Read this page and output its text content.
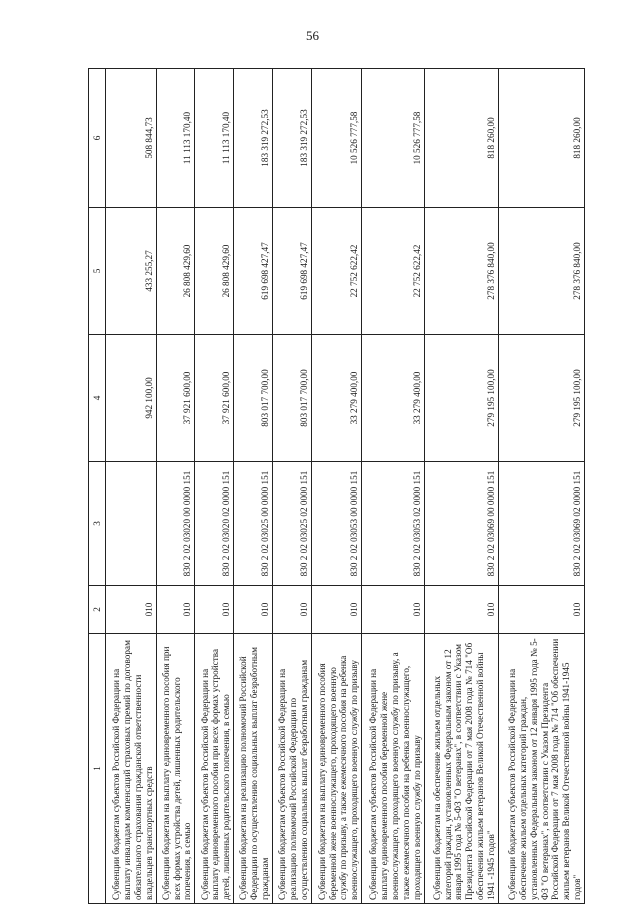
56
1	2	3	4	5	6
Субвенции бюджетам субъектов Российской Федерации на выплату инвалидам компенсаций страховых премий по договорам обязательного страхования гражданской ответственности владельцев транспортных средств	010		942 100,00	433 255,27	508 844,73
Субвенции бюджетам на выплату единовременного пособия при всех формах устройства детей, лишенных родительского попечения, в семью	010	830 2 02 03020 00 0000 151	37 921 600,00	26 808 429,60	11 113 170,40
Субвенции бюджетам субъектов Российской Федерации на выплату единовременного пособия при всех формах устройства детей, лишенных родительского попечения, в семью	010	830 2 02 03020 02 0000 151	37 921 600,00	26 808 429,60	11 113 170,40
Субвенции бюджетам на реализацию полномочий Российской Федерации по осуществлению социальных выплат безработным гражданам	010	830 2 02 03025 00 0000 151	803 017 700,00	619 698 427,47	183 319 272,53
Субвенции бюджетам субъектов Российской Федерации на реализацию полномочий Российской Федерации по осуществлению социальных выплат безработным гражданам	010	830 2 02 03025 02 0000 151	803 017 700,00	619 698 427,47	183 319 272,53
Субвенции бюджетам на выплату единовременного пособия беременной жене военнослужащего, проходящего военную службу по призыву, а также ежемесячного пособия на ребенка военнослужащего, проходящего военную службу по призыву	010	830 2 02 03053 00 0000 151	33 279 400,00	22 752 622,42	10 526 777,58
Субвенции бюджетам субъектов Российской Федерации на выплату единовременного пособия беременной жене военнослужащего, проходящего военную службу по призыву, а также ежемесячного пособия на ребенка военнослужащего, проходящего военную службу по призыву	010	830 2 02 03053 02 0000 151	33 279 400,00	22 752 622,42	10 526 777,58
Субвенции бюджетам на обеспечение жильем отдельных категорий граждан, установленных Федеральным законом от 12 января 1995 года № 5-ФЗ "О ветеранах", в соответствии с Указом Президента Российской Федерации от 7 мая 2008 года № 714 "Об обеспечении жильем ветеранов Великой Отечественной войны 1941 -1945 годов"	010	830 2 02 03069 00 0000 151	279 195 100,00	278 376 840,00	818 260,00
Субвенции бюджетам субъектов Российской Федерации на обеспечение жильем отдельных категорий граждан, установленных Федеральным законом от 12 января 1995 года № 5-ФЗ "О ветеранах", в соответствии с Указом Президента Российской Федерации от 7 мая 2008 года № 714 "Об обеспечении жильем ветеранов Великой Отечественной войны 1941-1945 годов"	010	830 2 02 03069 02 0000 151	279 195 100,00	278 376 840,00	818 260,00
